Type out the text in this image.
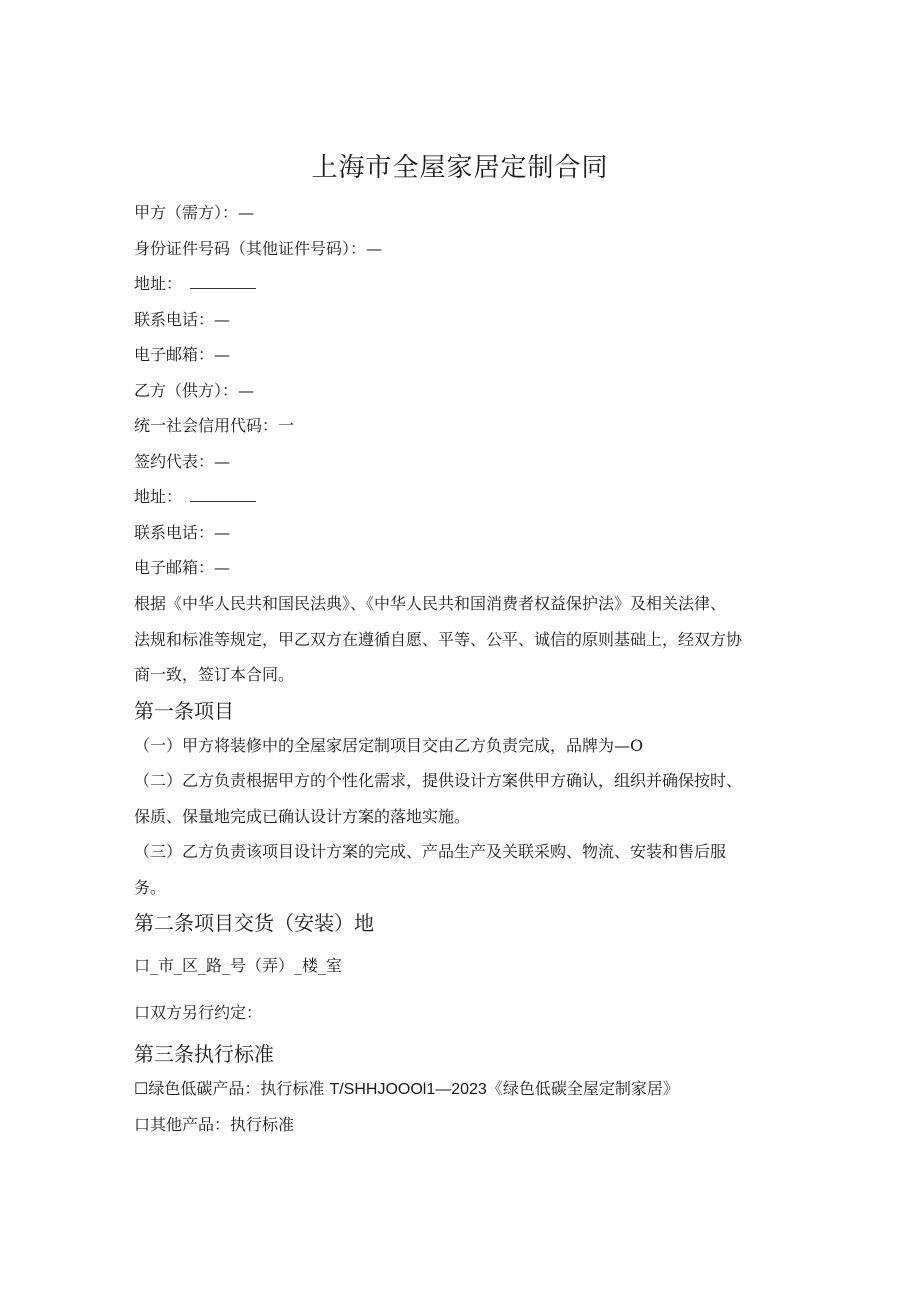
上海市全屋家居定制合同
甲方（需方）：—
身份证件号码（其他证件号码）：—
地址：
联系电话：—
电子邮箱：—
乙方（供方）：—
统一社会信用代码：一
签约代表：—
地址：
联系电话：—
电子邮箱：—
根据《中华人民共和国民法典》、《中华人民共和国消费者权益保护法》及相关法律、
法规和标准等规定，甲乙双方在遵循自愿、平等、公平、诚信的原则基础上，经双方协
商一致，签订本合同。
第一条项目
（一）甲方将装修中的全屋家居定制项目交由乙方负责完成，品牌为—O
（二）乙方负责根据甲方的个性化需求，提供设计方案供甲方确认，组织并确保按时、
保质、保量地完成已确认设计方案的落地实施。
（三）乙方负责该项目设计方案的完成、产品生产及关联采购、物流、安装和售后服
务。
第二条项目交货（安装）地
口_市_区_路_号（弄）_楼_室
口双方另行约定：
第三条执行标准
☐绿色低碳产品：执行标准 T/SHHJOOOl1—2023《绿色低碳全屋定制家居》
口其他产品：执行标准
